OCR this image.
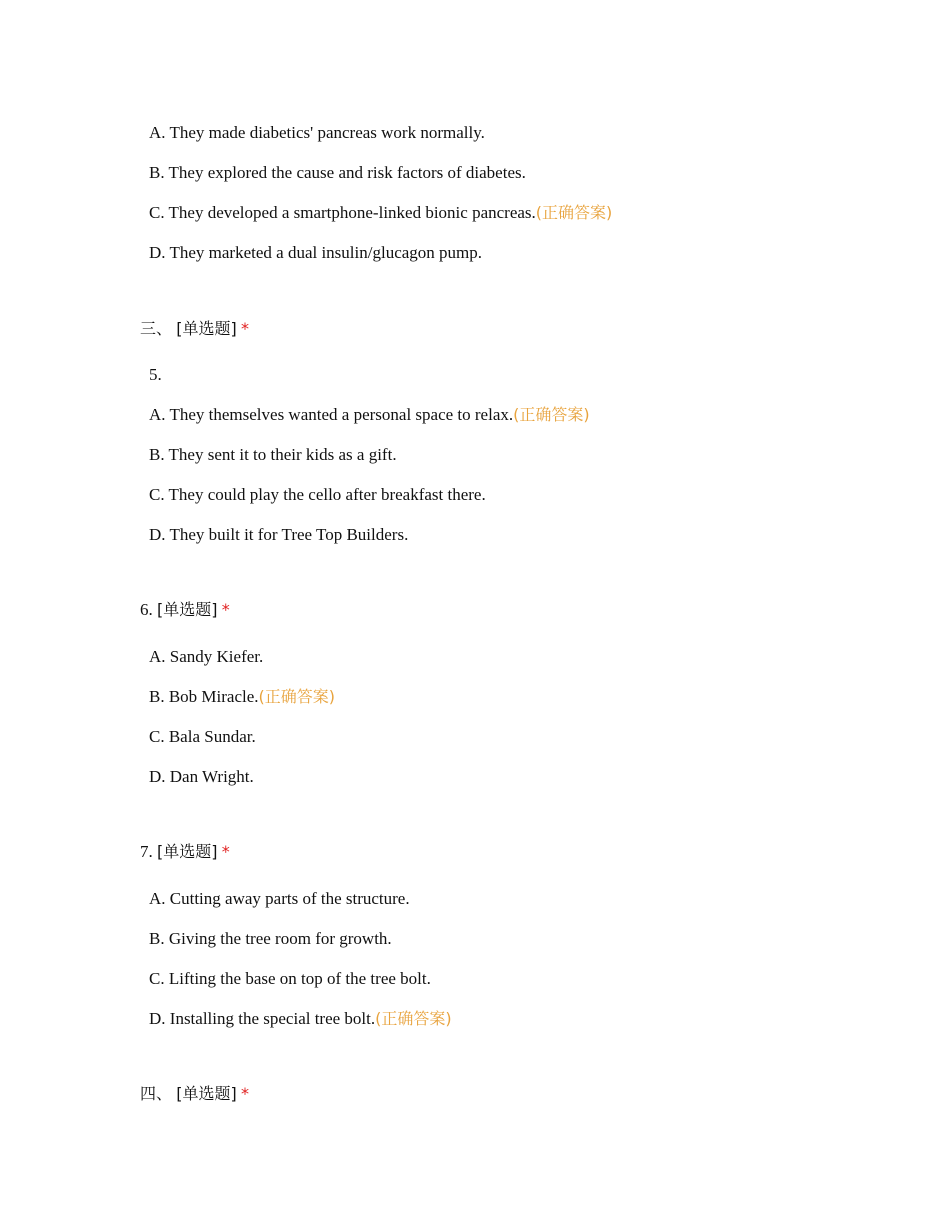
A. They made diabetics' pancreas work normally.
B. They explored the cause and risk factors of diabetes.
C. They developed a smartphone-linked bionic pancreas.(正确答案)
D. They marketed a dual insulin/glucagon pump.
三、 [单选题] *
5.
A. They themselves wanted a personal space to relax.(正确答案)
B. They sent it to their kids as a gift.
C. They could play the cello after breakfast there.
D. They built it for Tree Top Builders.
6. [单选题] *
A. Sandy Kiefer.
B. Bob Miracle.(正确答案)
C. Bala Sundar.
D. Dan Wright.
7. [单选题] *
A. Cutting away parts of the structure.
B. Giving the tree room for growth.
C. Lifting the base on top of the tree bolt.
D. Installing the special tree bolt.(正确答案)
四、 [单选题] *
